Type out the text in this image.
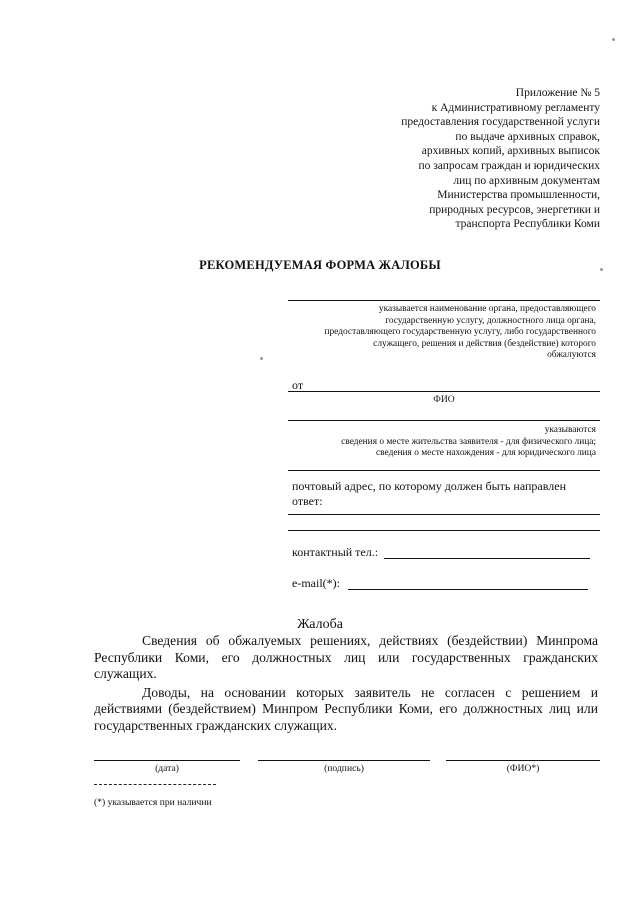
Приложение № 5
к Административному регламенту
предоставления государственной услуги
по выдаче архивных справок,
архивных копий, архивных выписок
по запросам граждан и юридических
лиц по архивным документам
Министерства промышленности,
природных ресурсов, энергетики и
транспорта Республики Коми
РЕКОМЕНДУЕМАЯ ФОРМА ЖАЛОБЫ
указывается наименование органа, предоставляющего
государственную услугу, должностного лица органа,
предоставляющего государственную услугу, либо государственного
служащего, решения и действия (бездействие) которого
обжалуются
от
ФИО
указываются
сведения о месте жительства заявителя - для физического лица;
сведения о месте нахождения - для юридического лица
почтовый адрес, по которому должен быть направлен
ответ:
контактный тел.:
e-mail(*):
Жалоба

Сведения об обжалуемых решениях, действиях (бездействии) Минпрома Республики Коми, его должностных лиц или государственных гражданских служащих.

Доводы, на основании которых заявитель не согласен с решением и действиями (бездействием) Минпром Республики Коми, его должностных лиц или государственных гражданских служащих.

(дата)	(подпись)	(ФИО*)
(*) указывается при наличии
